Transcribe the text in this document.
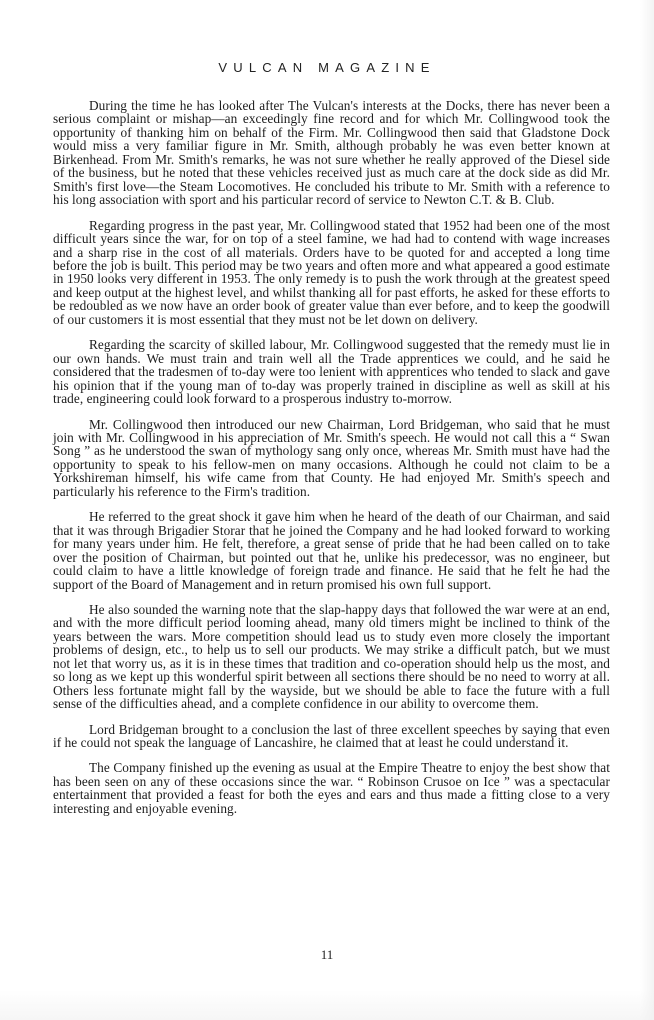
VULCAN MAGAZINE

During the time he has looked after The Vulcan's interests at the Docks, there has never been a serious complaint or mishap—an exceedingly fine record and for which Mr. Collingwood took the opportunity of thanking him on behalf of the Firm. Mr. Collingwood then said that Gladstone Dock would miss a very familiar figure in Mr. Smith, although probably he was even better known at Birkenhead. From Mr. Smith's remarks, he was not sure whether he really approved of the Diesel side of the business, but he noted that these vehicles received just as much care at the dock side as did Mr. Smith's first love—the Steam Locomotives. He concluded his tribute to Mr. Smith with a reference to his long association with sport and his particular record of service to Newton C.T. & B. Club.

Regarding progress in the past year, Mr. Collingwood stated that 1952 had been one of the most difficult years since the war, for on top of a steel famine, we had had to contend with wage increases and a sharp rise in the cost of all materials. Orders have to be quoted for and accepted a long time before the job is built. This period may be two years and often more and what appeared a good estimate in 1950 looks very different in 1953. The only remedy is to push the work through at the greatest speed and keep output at the highest level, and whilst thanking all for past efforts, he asked for these efforts to be redoubled as we now have an order book of greater value than ever before, and to keep the goodwill of our customers it is most essential that they must not be let down on delivery.

Regarding the scarcity of skilled labour, Mr. Collingwood suggested that the remedy must lie in our own hands. We must train and train well all the Trade apprentices we could, and he said he considered that the tradesmen of to-day were too lenient with apprentices who tended to slack and gave his opinion that if the young man of to-day was properly trained in discipline as well as skill at his trade, engineering could look forward to a prosperous industry to-morrow.

Mr. Collingwood then introduced our new Chairman, Lord Bridgeman, who said that he must join with Mr. Collingwood in his appreciation of Mr. Smith's speech. He would not call this a “ Swan Song ” as he understood the swan of mythology sang only once, whereas Mr. Smith must have had the opportunity to speak to his fellow-men on many occasions. Although he could not claim to be a Yorkshireman himself, his wife came from that County. He had enjoyed Mr. Smith's speech and particularly his reference to the Firm's tradition.

He referred to the great shock it gave him when he heard of the death of our Chairman, and said that it was through Brigadier Storar that he joined the Company and he had looked forward to working for many years under him. He felt, therefore, a great sense of pride that he had been called on to take over the position of Chairman, but pointed out that he, unlike his predecessor, was no engineer, but could claim to have a little knowledge of foreign trade and finance. He said that he felt he had the support of the Board of Management and in return promised his own full support.

He also sounded the warning note that the slap-happy days that followed the war were at an end, and with the more difficult period looming ahead, many old timers might be inclined to think of the years between the wars. More competition should lead us to study even more closely the important problems of design, etc., to help us to sell our products. We may strike a difficult patch, but we must not let that worry us, as it is in these times that tradition and co-operation should help us the most, and so long as we kept up this wonderful spirit between all sections there should be no need to worry at all. Others less fortunate might fall by the wayside, but we should be able to face the future with a full sense of the difficulties ahead, and a complete confidence in our ability to overcome them.

Lord Bridgeman brought to a conclusion the last of three excellent speeches by saying that even if he could not speak the language of Lancashire, he claimed that at least he could understand it.

The Company finished up the evening as usual at the Empire Theatre to enjoy the best show that has been seen on any of these occasions since the war. “ Robinson Crusoe on Ice ” was a spectacular entertainment that provided a feast for both the eyes and ears and thus made a fitting close to a very interesting and enjoyable evening.

11
